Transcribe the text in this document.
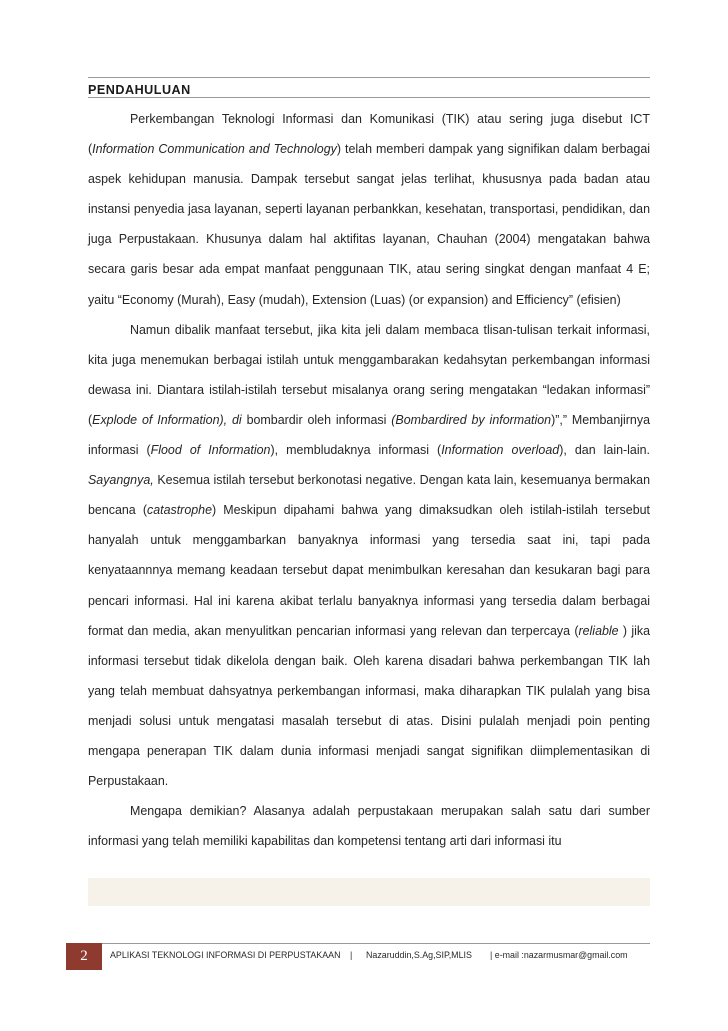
PENDAHULUAN

Perkembangan Teknologi Informasi dan Komunikasi (TIK) atau sering juga disebut ICT (Information Communication and Technology) telah memberi dampak yang signifikan dalam berbagai aspek kehidupan manusia. Dampak tersebut sangat jelas terlihat, khususnya pada badan atau instansi penyedia jasa layanan, seperti layanan perbankkan, kesehatan, transportasi, pendidikan, dan juga Perpustakaan. Khusunya dalam hal aktifitas layanan, Chauhan (2004) mengatakan bahwa secara garis besar ada empat manfaat penggunaan TIK, atau sering singkat dengan manfaat 4 E; yaitu “Economy (Murah), Easy (mudah), Extension (Luas) (or expansion) and Efficiency” (efisien)

Namun dibalik manfaat tersebut, jika kita jeli dalam membaca tlisan-tulisan terkait informasi, kita juga menemukan berbagai istilah untuk menggambarakan kedahsytan perkembangan informasi dewasa ini. Diantara istilah-istilah tersebut misalanya orang sering mengatakan “ledakan informasi” (Explode of Information), di bombardir oleh informasi (Bombardired by information)”,” Membanjirnya informasi (Flood of Information), membludaknya informasi (Information overload), dan lain-lain. Sayangnya, Kesemua istilah tersebut berkonotasi negative. Dengan kata lain, kesemuanya bermakan bencana (catastrophe) Meskipun dipahami bahwa yang dimaksudkan oleh istilah-istilah tersebut hanyalah untuk menggambarkan banyaknya informasi yang tersedia saat ini, tapi pada kenyataannnya memang keadaan tersebut dapat menimbulkan keresahan dan kesukaran bagi para pencari informasi. Hal ini karena akibat terlalu banyaknya informasi yang tersedia dalam berbagai format dan media, akan menyulitkan pencarian informasi yang relevan dan terpercaya (reliable ) jika informasi tersebut tidak dikelola dengan baik. Oleh karena disadari bahwa perkembangan TIK lah yang telah membuat dahsyatnya perkembangan informasi, maka diharapkan TIK pulalah yang bisa menjadi solusi untuk mengatasi masalah tersebut di atas. Disini pulalah menjadi poin penting mengapa penerapan TIK dalam dunia informasi menjadi sangat signifikan diimplementasikan di Perpustakaan.

Mengapa demikian? Alasanya adalah perpustakaan merupakan salah satu dari sumber informasi yang telah memiliki kapabilitas dan kompetensi tentang arti dari informasi itu

2	APLIKASI TEKNOLOGI INFORMASI DI PERPUSTAKAAN | Nazaruddin,S.Ag,SIP,MLIS | e-mail :nazarmusmar@gmail.com
